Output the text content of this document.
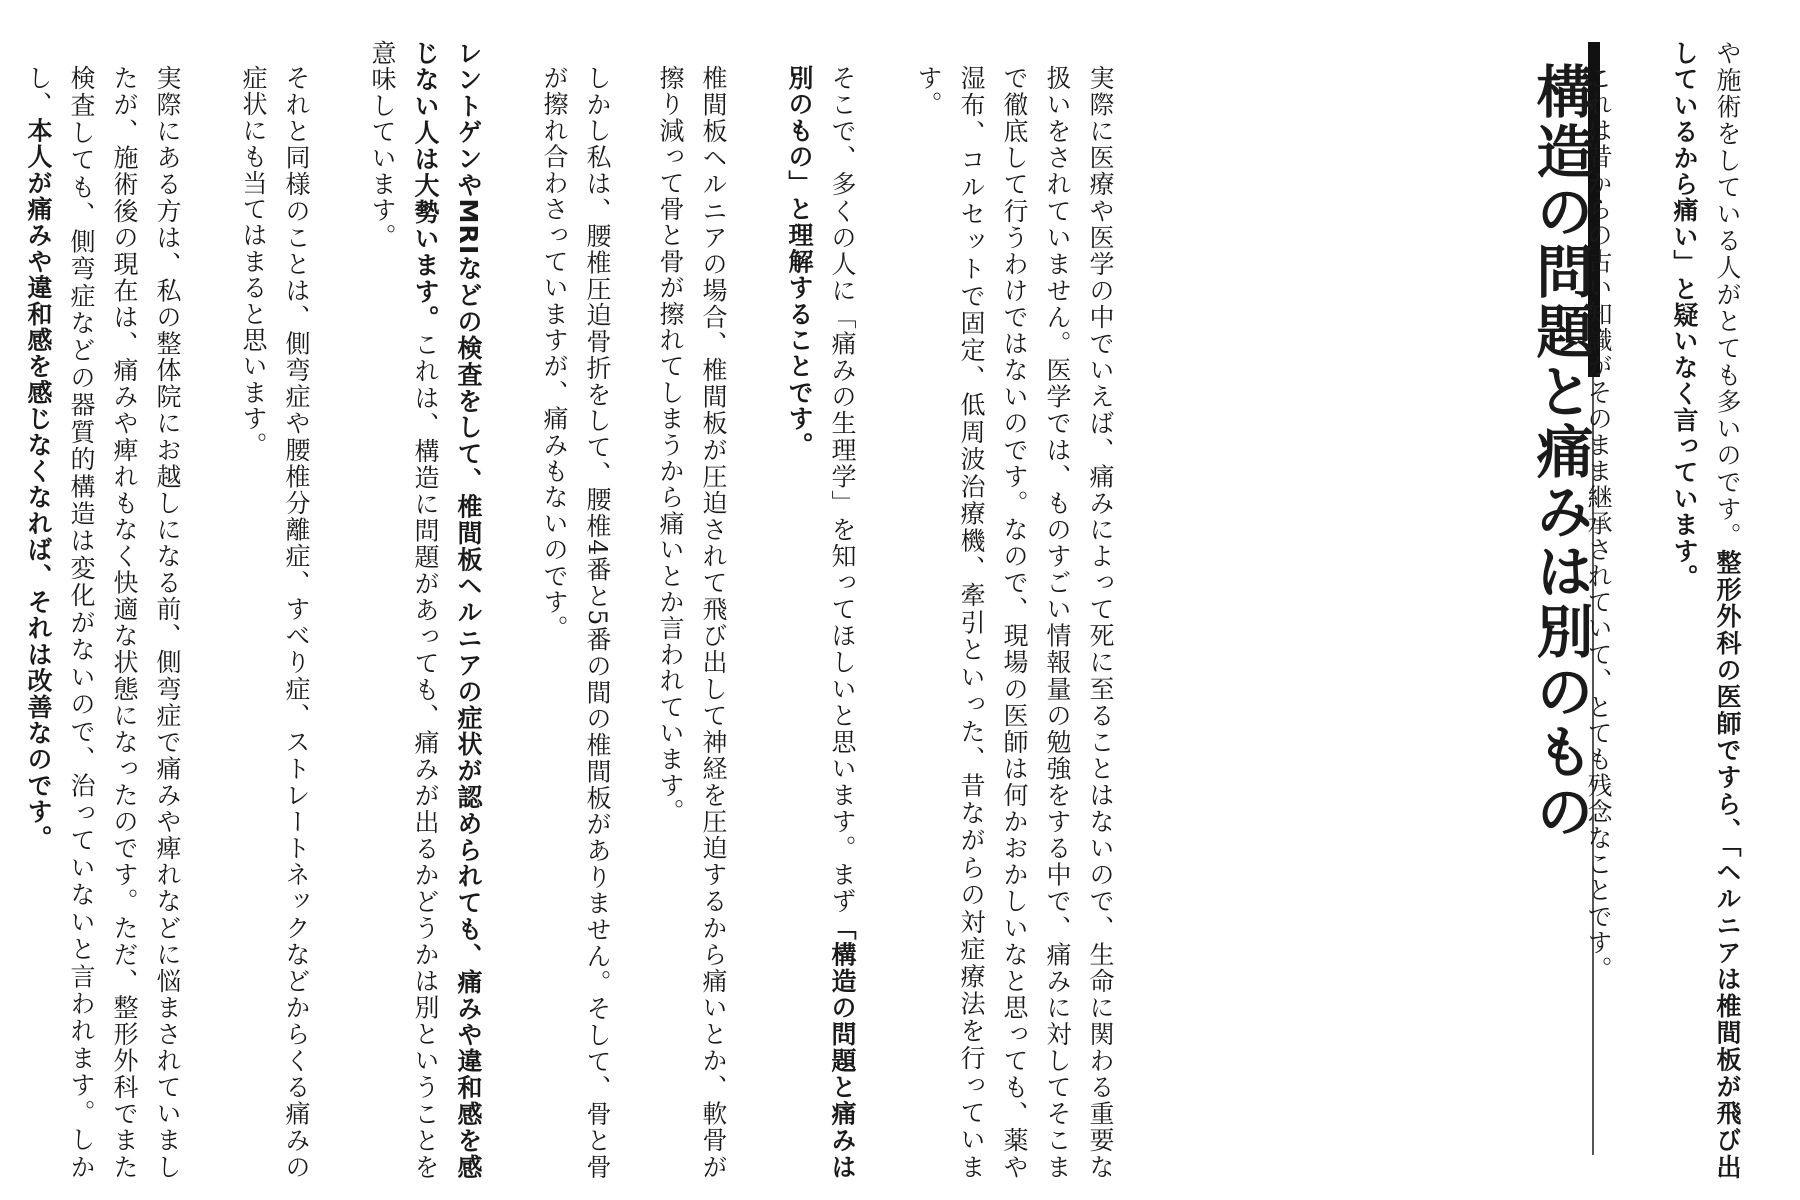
構造の問題と痛みは別のもの	や施術をしている人がとても多いのです。整形外科の医師ですら、「ヘルニアは椎間板が飛び出しているから痛い」と疑いなく言っています。

これは昔からの古い知識がそのまま継承されていて、とても残念なことです。

実際に医療や医学の中でいえば、痛みによって死に至ることはないので、生命に関わる重要な扱いをされていません。医学では、ものすごい情報量の勉強をする中で、痛みに対してそこまで徹底して行うわけではないのです。なので、現場の医師は何かおかしいなと思っても、薬や湿布、コルセットで固定、低周波治療機、牽引といった、昔ながらの対症療法を行っています。

そこで、多くの人に「痛みの生理学」を知ってほしいと思います。まず「構造の問題と痛みは別のもの」と理解することです。

椎間板ヘルニアの場合、椎間板が圧迫されて飛び出して神経を圧迫するから痛いとか、軟骨が擦り減って骨と骨が擦れてしまうから痛いとか言われています。

しかし私は、腰椎圧迫骨折をして、腰椎4番と5番の間の椎間板がありません。そして、骨と骨が擦れ合わさっていますが、痛みもないのです。

レントゲンやMRIなどの検査をして、椎間板ヘルニアの症状が認められても、痛みや違和感を感じない人は大勢います。これは、構造に問題があっても、痛みが出るかどうかは別ということを意味しています。

それと同様のことは、側弯症や腰椎分離症、すべり症、ストレートネックなどからくる痛みの症状にも当てはまると思います。

実際にある方は、私の整体院にお越しになる前、側弯症で痛みや痺れなどに悩まされていましたが、施術後の現在は、痛みや痺れもなく快適な状態になったのです。ただ、整形外科でまた検査しても、側弯症などの器質的構造は変化がないので、治っていないと言われます。しかし、本人が痛みや違和感を感じなくなれば、それは改善なのです。
